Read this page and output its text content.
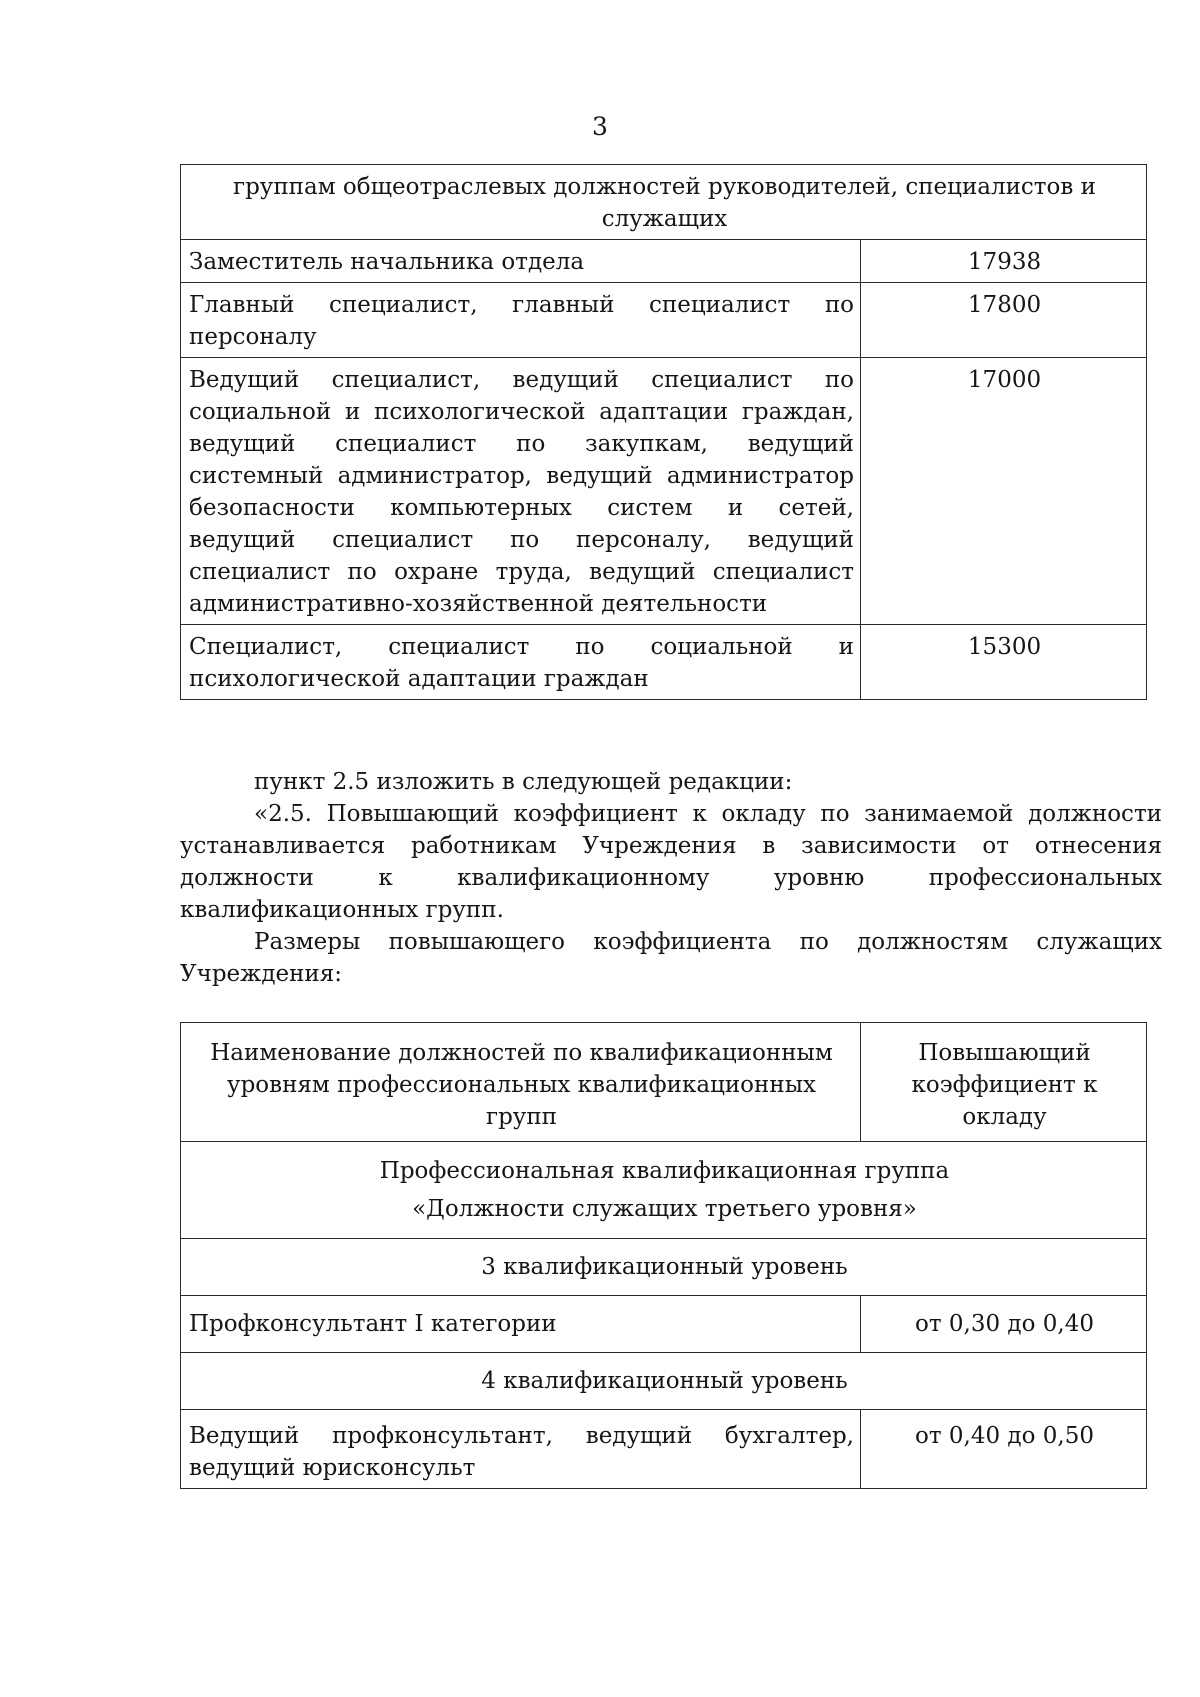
3
группам общеотраслевых должностей руководителей, специалистов и служащих	
Заместитель начальника отдела	17938
Главный специалист, главный специалист по персоналу	17800
Ведущий специалист, ведущий специалист по социальной и психологической адаптации граждан, ведущий специалист по закупкам, ведущий системный администратор, ведущий администратор безопасности компьютерных систем и сетей, ведущий специалист по персоналу, ведущий специалист по охране труда, ведущий специалист административно-хозяйственной деятельности	17000
Специалист, специалист по социальной и психологической адаптации граждан	15300

пункт 2.5 изложить в следующей редакции:

«2.5. Повышающий коэффициент к окладу по занимаемой должности устанавливается работникам Учреждения в зависимости от отнесения должности к квалификационному уровню профессиональных квалификационных групп.

Размеры повышающего коэффициента по должностям служащих Учреждения:

Наименование должностей по квалификационным уровням профессиональных квалификационных групп	Повышающий коэффициент к окладу

Профессиональная квалификационная группа
«Должности служащих третьего уровня»	

3 квалификационный уровень	
Профконсультант I категории	от 0,30 до 0,40
4 квалификационный уровень	
Ведущий профконсультант, ведущий бухгалтер, ведущий юрисконсульт	от 0,40 до 0,50
